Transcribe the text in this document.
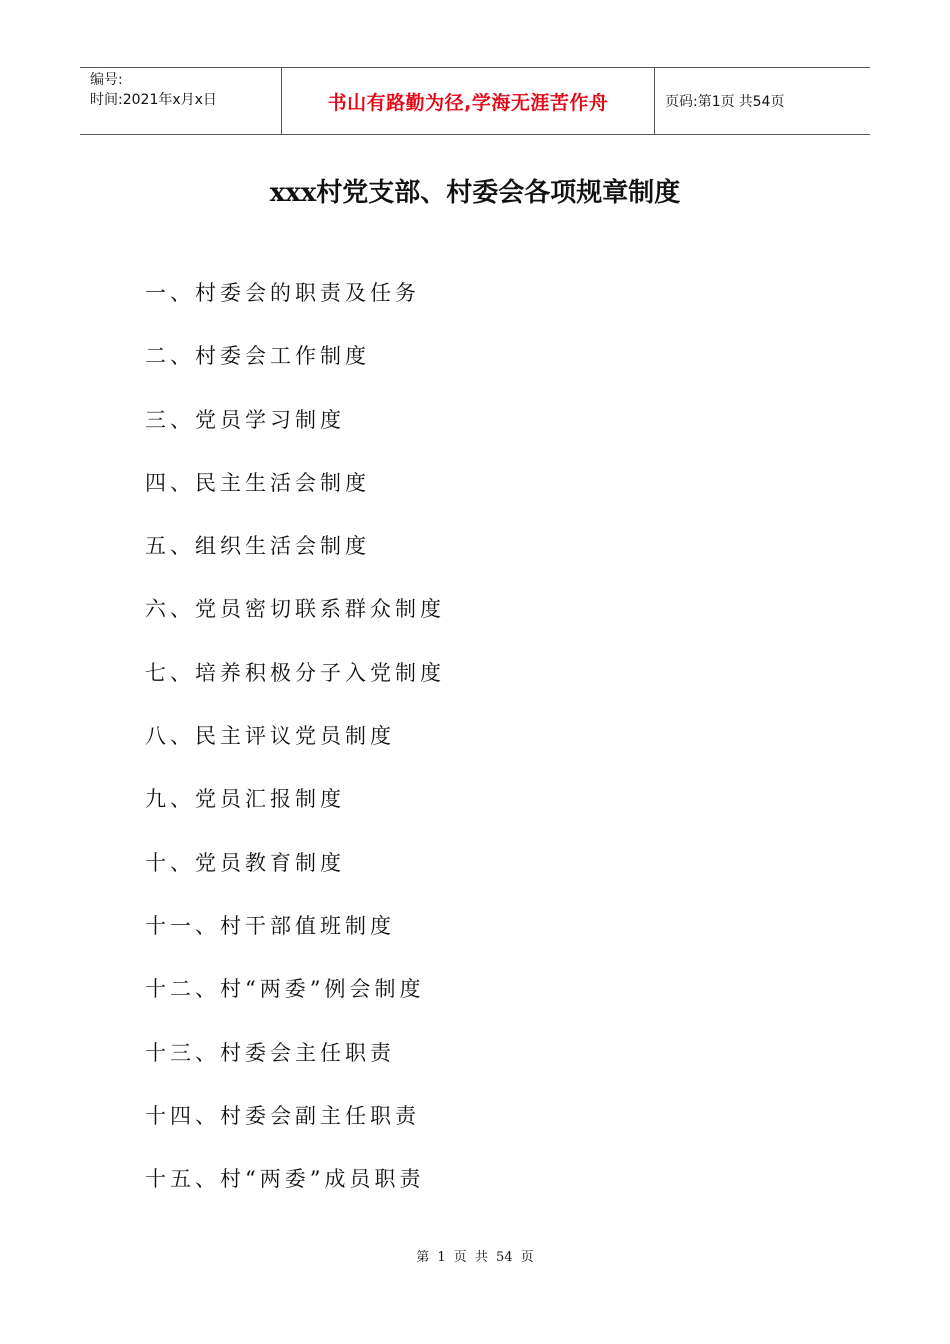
编号:
时间:2021年x月x日	书山有路勤为径,学海无涯苦作舟	页码:第1页 共54页
xxx村党支部、村委会各项规章制度
一、村委会的职责及任务
二、村委会工作制度
三、党员学习制度
四、民主生活会制度
五、组织生活会制度
六、党员密切联系群众制度
七、培养积极分子入党制度
八、民主评议党员制度
九、党员汇报制度
十、党员教育制度
十一、村干部值班制度
十二、村“两委”例会制度
十三、村委会主任职责
十四、村委会副主任职责
十五、村“两委”成员职责
第 1 页 共 54 页
